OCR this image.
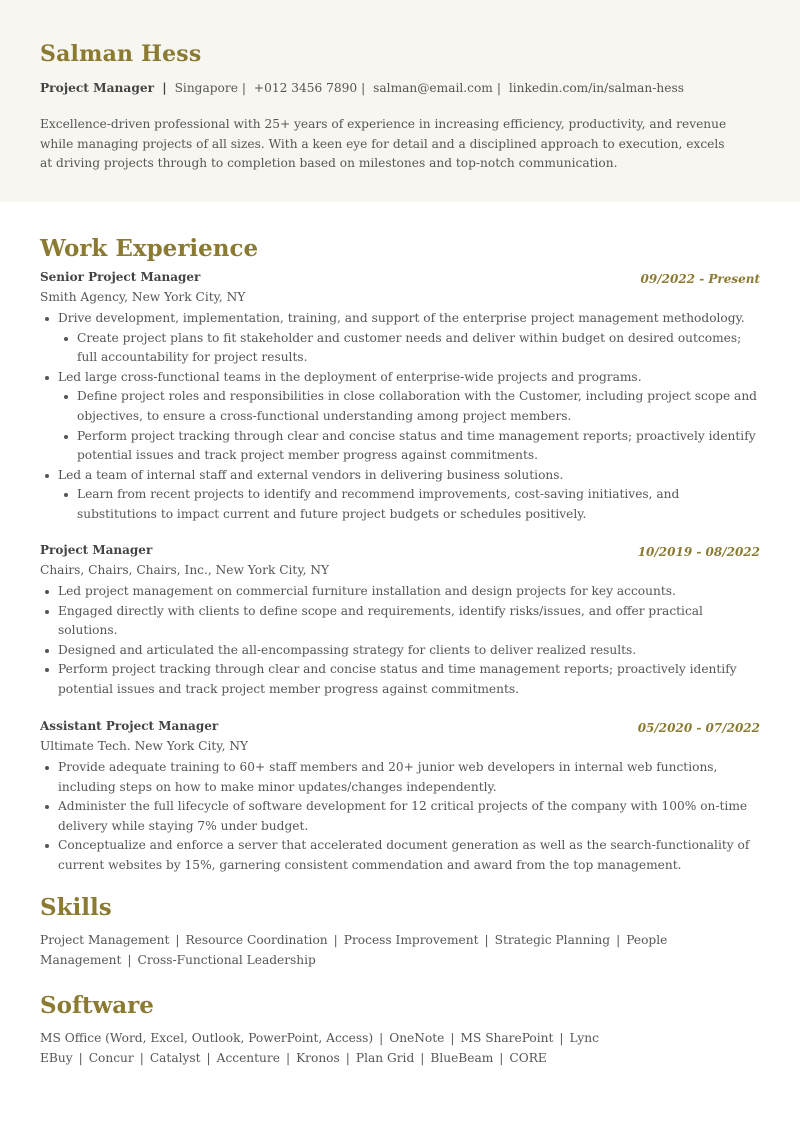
Salman Hess
Project Manager | Singapore | +012 3456 7890 | salman@email.com | linkedin.com/in/salman-hess
Excellence-driven professional with 25+ years of experience in increasing efficiency, productivity, and revenue while managing projects of all sizes. With a keen eye for detail and a disciplined approach to execution, excels at driving projects through to completion based on milestones and top-notch communication.
Work Experience
Senior Project Manager	09/2022 - Present
Smith Agency, New York City, NY
Drive development, implementation, training, and support of the enterprise project management methodology.
Create project plans to fit stakeholder and customer needs and deliver within budget on desired outcomes; full accountability for project results.
Led large cross-functional teams in the deployment of enterprise-wide projects and programs.
Define project roles and responsibilities in close collaboration with the Customer, including project scope and objectives, to ensure a cross-functional understanding among project members.
Perform project tracking through clear and concise status and time management reports; proactively identify potential issues and track project member progress against commitments.
Led a team of internal staff and external vendors in delivering business solutions.
Learn from recent projects to identify and recommend improvements, cost-saving initiatives, and substitutions to impact current and future project budgets or schedules positively.
Project Manager	10/2019 - 08/2022
Chairs, Chairs, Chairs, Inc., New York City, NY
Led project management on commercial furniture installation and design projects for key accounts.
Engaged directly with clients to define scope and requirements, identify risks/issues, and offer practical solutions.
Designed and articulated the all-encompassing strategy for clients to deliver realized results.
Perform project tracking through clear and concise status and time management reports; proactively identify potential issues and track project member progress against commitments.
Assistant Project Manager	05/2020 - 07/2022
Ultimate Tech. New York City, NY
Provide adequate training to 60+ staff members and 20+ junior web developers in internal web functions, including steps on how to make minor updates/changes independently.
Administer the full lifecycle of software development for 12 critical projects of the company with 100% on-time delivery while staying 7% under budget.
Conceptualize and enforce a server that accelerated document generation as well as the search-functionality of current websites by 15%, garnering consistent commendation and award from the top management.
Skills
Project Management | Resource Coordination | Process Improvement | Strategic Planning | People Management | Cross-Functional Leadership
Software
MS Office (Word, Excel, Outlook, PowerPoint, Access) | OneNote | MS SharePoint | Lync EBuy | Concur | Catalyst | Accenture | Kronos | Plan Grid | BlueBeam | CORE
